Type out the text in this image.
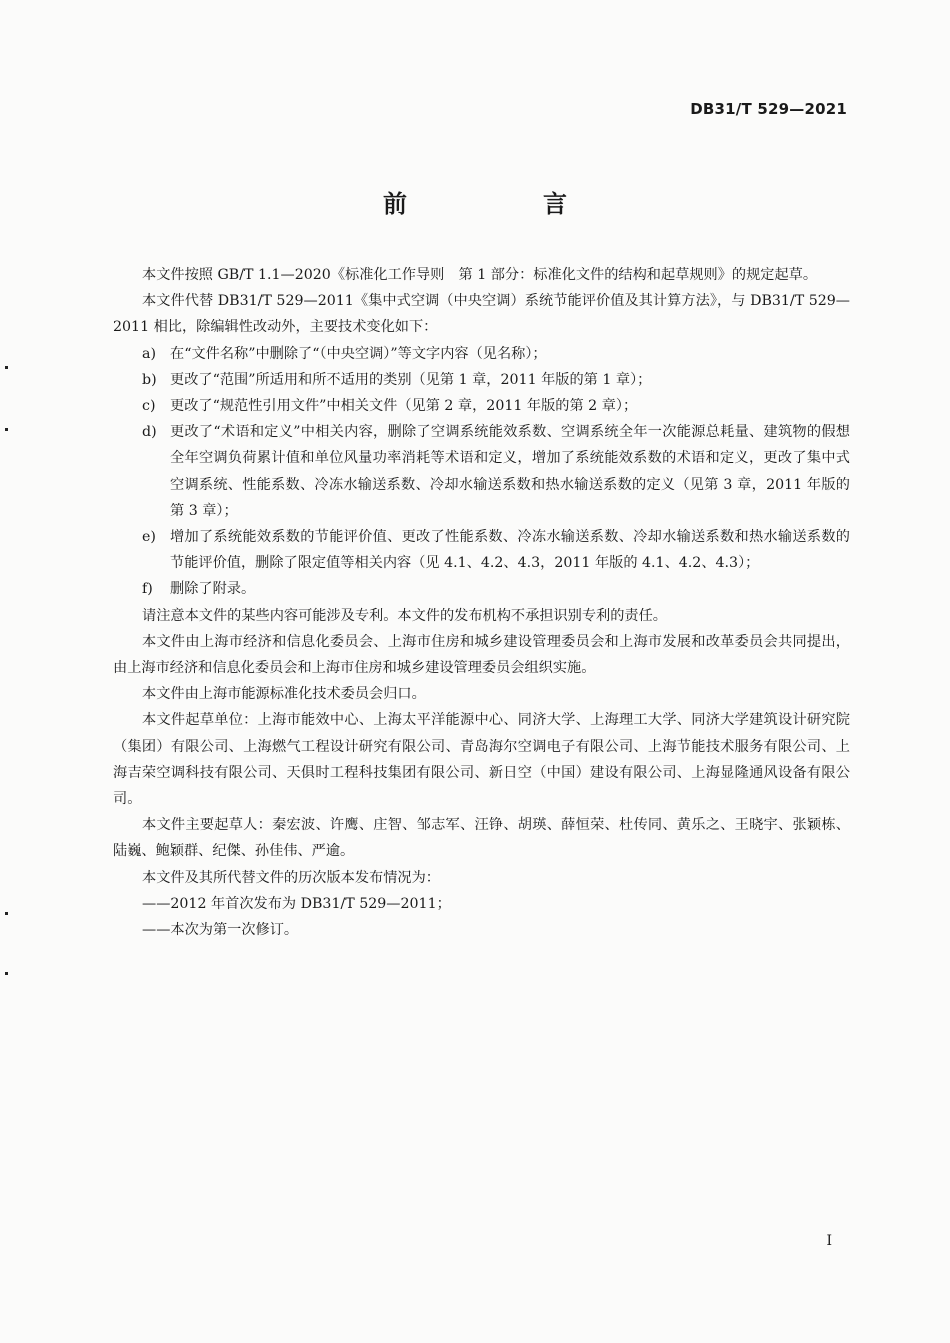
DB31/T 529—2021
前　言

本文件按照 GB/T 1.1—2020《标准化工作导则　第 1 部分：标准化文件的结构和起草规则》的规定起草。

本文件代替 DB31/T 529—2011《集中式空调（中央空调）系统节能评价值及其计算方法》，与 DB31/T 529—2011 相比，除编辑性改动外，主要技术变化如下：

a) 在“文件名称”中删除了“（中央空调）”等文字内容（见名称）；
b) 更改了“范围”所适用和所不适用的类别（见第 1 章，2011 年版的第 1 章）；
c)	更改了“规范性引用文件”中相关文件（见第 2 章，2011 年版的第 2 章）；
d) 更改了“术语和定义”中相关内容，删除了空调系统能效系数、空调系统全年一次能源总耗量、建筑物的假想全年空调负荷累计值和单位风量功率消耗等术语和定义，增加了系统能效系数的术语和定义，更改了集中式空调系统、性能系数、冷冻水输送系数、冷却水输送系数和热水输送系数的定义（见第 3 章，2011 年版的第 3 章）；
e) 增加了系统能效系数的节能评价值、更改了性能系数、冷冻水输送系数、冷却水输送系数和热水输送系数的节能评价值，删除了限定值等相关内容（见 4.1、4.2、4.3，2011 年版的 4.1、4.2、4.3）；
f)	删除了附录。

请注意本文件的某些内容可能涉及专利。本文件的发布机构不承担识别专利的责任。

本文件由上海市经济和信息化委员会、上海市住房和城乡建设管理委员会和上海市发展和改革委员会共同提出，由上海市经济和信息化委员会和上海市住房和城乡建设管理委员会组织实施。

本文件由上海市能源标准化技术委员会归口。

本文件起草单位：上海市能效中心、上海太平洋能源中心、同济大学、上海理工大学、同济大学建筑设计研究院（集团）有限公司、上海燃气工程设计研究有限公司、青岛海尔空调电子有限公司、上海节能技术服务有限公司、上海吉荣空调科技有限公司、天俱时工程科技集团有限公司、新日空（中国）建设有限公司、上海显隆通风设备有限公司。

本文件主要起草人：秦宏波、许鹰、庄智、邹志军、汪铮、胡瑛、薛恒荣、杜传同、黄乐之、王晓宇、张颖栋、陆巍、鲍颖群、纪傑、孙佳伟、严逾。

本文件及其所代替文件的历次版本发布情况为：

——2012 年首次发布为 DB31/T 529—2011；

——本次为第一次修订。

I
